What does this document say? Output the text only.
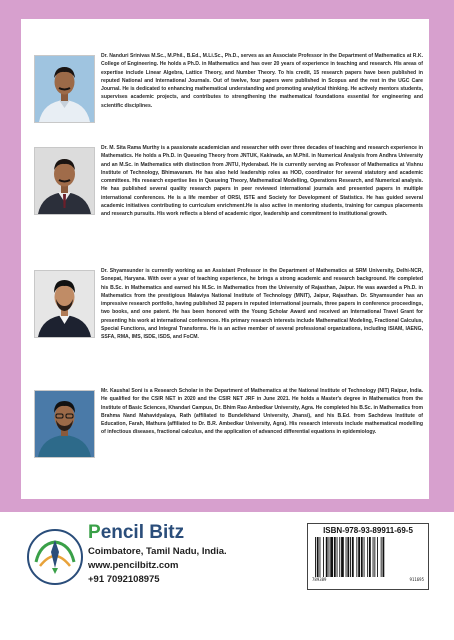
Dr. Nanduri Srinivas M.Sc., M.Phil., B.Ed., M.Li.Sc., Ph.D., serves as an Associate Professor in the Department of Mathematics at R.K. College of Engineering. He holds a Ph.D. in Mathematics and has over 20 years of experience in teaching and research. His areas of expertise include Linear Algebra, Lattice Theory, and Number Theory. To his credit, 15 research papers have been published in reputed National and International Journals. Out of twelve, four papers were published in Scopus and the rest in the UGC Care Journal. He is dedicated to enhancing mathematical understanding and promoting analytical thinking. He actively mentors students, supervises academic projects, and contributes to strengthening the mathematical foundations essential for engineering and scientific disciplines.

Dr. M. Sita Rama Murthy is a passionate academician and researcher with over three decades of teaching and research experience in Mathematics. He holds a Ph.D. in Queueing Theory from JNTUK, Kakinada, an M.Phil. in Numerical Analysis from Andhra University and an M.Sc. in Mathematics with distinction from JNTU, Hyderabad. He is currently serving as Professor of Mathematics at Vishnu Institute of Technology, Bhimavaram. He has also held leadership roles as HOD, coordinator for several statutory and academic committees. His research expertise lies in Queueing Theory, Mathematical Modelling, Operations Research, and Numerical analysis. He has published several quality research papers in peer reviewed international journals and presented papers in multiple international conferences. He is a life member of ORSI, ISTE and Society for Development of Statistics. He has guided several academic initiatives contributing to curriculum enrichment.He is also active in mentoring students, training for campus placements and research pursuits. His work reflects a blend of academic rigor, leadership and commitment to institutional growth.

Dr. Shyamsunder is currently working as an Assistant Professor in the Department of Mathematics at SRM University, Delhi-NCR, Sonepat, Haryana. With over a year of teaching experience, he brings a strong academic and research background. He completed his B.Sc. in Mathematics and earned his M.Sc. in Mathematics from the University of Rajasthan, Jaipur. He was awarded a Ph.D. in Mathematics from the prestigious Malaviya National Institute of Technology (MNIT), Jaipur, Rajasthan. Dr. Shyamsunder has an impressive research portfolio, having published 32 papers in reputed international journals, three papers in conference proceedings, two books, and one patent. He has been honored with the Young Scholar Award and received an International Travel Grant for presenting his work at international conferences. His primary research interests include Mathematical Modeling, Fractional Calculus, Special Functions, and Integral Transforms. He is an active member of several professional organizations, including ISIAM, IAENG, SSFA, RMA, IMS, ISDE, ISDS, and FoCM.

Mr. Kaushal Soni is a Research Scholar in the Department of Mathematics at the National Institute of Technology (NIT) Raipur, India. He qualified for the CSIR NET in 2020 and the CSIR NET JRF in June 2021. He holds a Master's degree in Mathematics from the Institute of Basic Sciences, Khandari Campus, Dr. Bhim Rao Ambedkar University, Agra. He completed his B.Sc. in Mathematics from Brahma Nand Mahavidyalaya, Rath (affiliated to Bundelkhand University, Jhansi), and his B.Ed. from Sachdeva Institute of Education, Farah, Mathura (affiliated to Dr. B.R. Ambedkar University, Agra). His research interests include mathematical modelling of infectious diseases, fractional calculus, and the application of advanced differential equations in epidemiology.

Pencil Bitz
Coimbatore, Tamil Nadu, India.
www.pencilbitz.com
+91 7092108975
ISBN-978-93-89911-69-5
789389	911695
